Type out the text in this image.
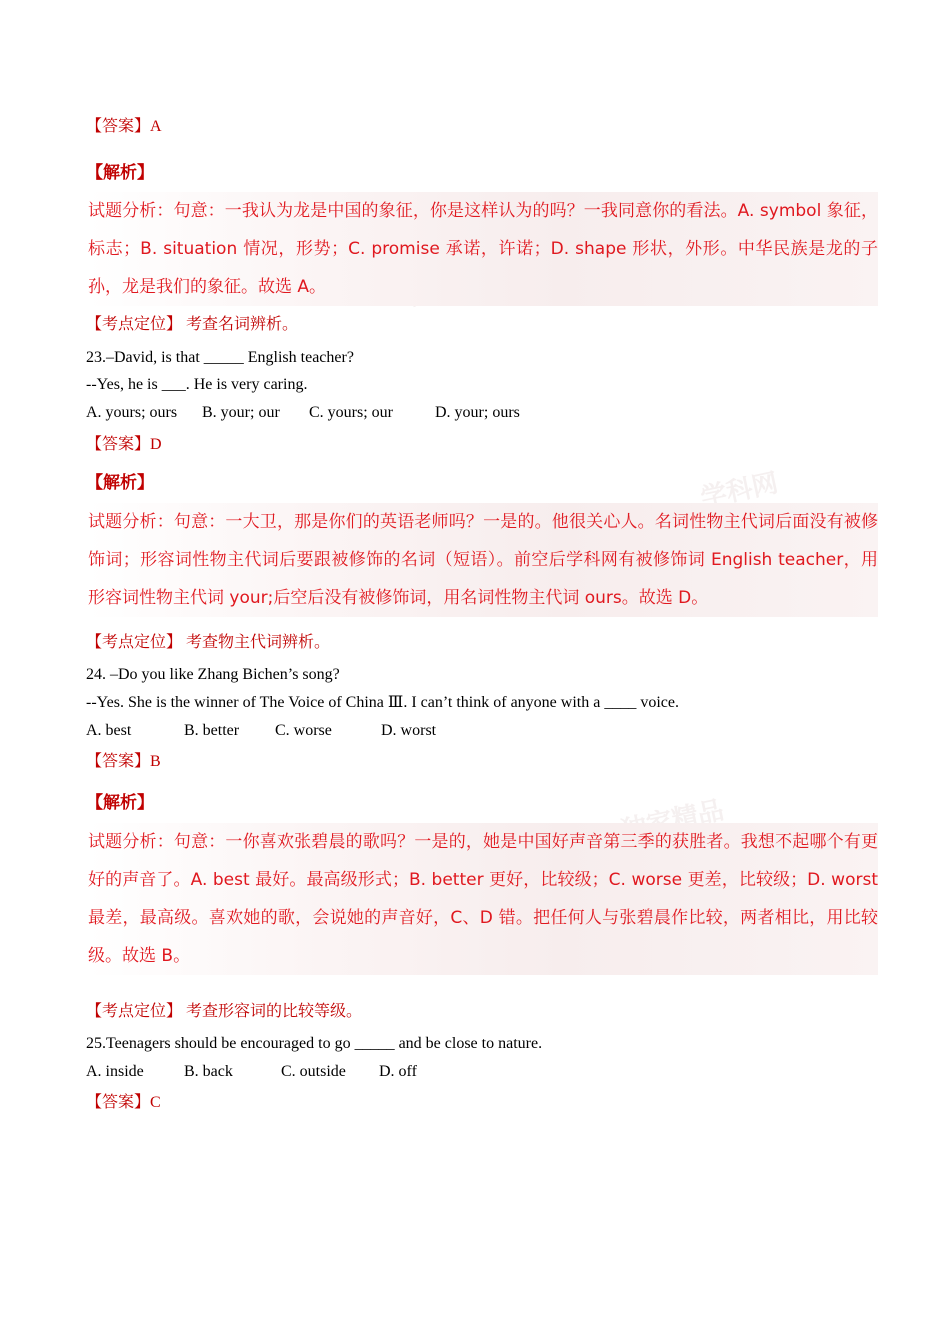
学科网
独家精品
【答案】A
【解析】
试题分析：句意：一我认为龙是中国的象征，你是这样认为的吗？一我同意你的看法。A. symbol 象征，标志；B. situation 情况，形势；C. promise 承诺，许诺；D. shape 形状，外形。中华民族是龙的子孙，龙是我们的象征。故选 A。
【考点定位】 考查名词辨析。
23.–David, is that _____ English teacher?
--Yes, he is ___. He is very caring.
A. yours; ours B. your; our C. yours; our	D. your; ours
【答案】D
【解析】
试题分析：句意：一大卫，那是你们的英语老师吗？一是的。他很关心人。名词性物主代词后面没有被修饰词；形容词性物主代词后要跟被修饰的名词（短语）。前空后学科网有被修饰词 English teacher，用形容词性物主代词 your;后空后没有被修饰词，用名词性物主代词 ours。故选 D。
【考点定位】 考查物主代词辨析。
24. –Do you like Zhang Bichen’s song?
--Yes. She is the winner of The Voice of China Ⅲ. I can’t think of anyone with a ____ voice.
A. best	B. better C. worse	D. worst
【答案】B
【解析】
试题分析：句意：一你喜欢张碧晨的歌吗？一是的，她是中国好声音第三季的获胜者。我想不起哪个有更好的声音了。A. best 最好。最高级形式；B. better 更好，比较级；C. worse 更差，比较级；D. worst 最差，最高级。喜欢她的歌，会说她的声音好，C、D 错。把任何人与张碧晨作比较，两者相比，用比较级。故选 B。
【考点定位】 考查形容词的比较等级。
25.Teenagers should be encouraged to go _____ and be close to nature.
A. inside	B. back	C. outside D. off
【答案】C
